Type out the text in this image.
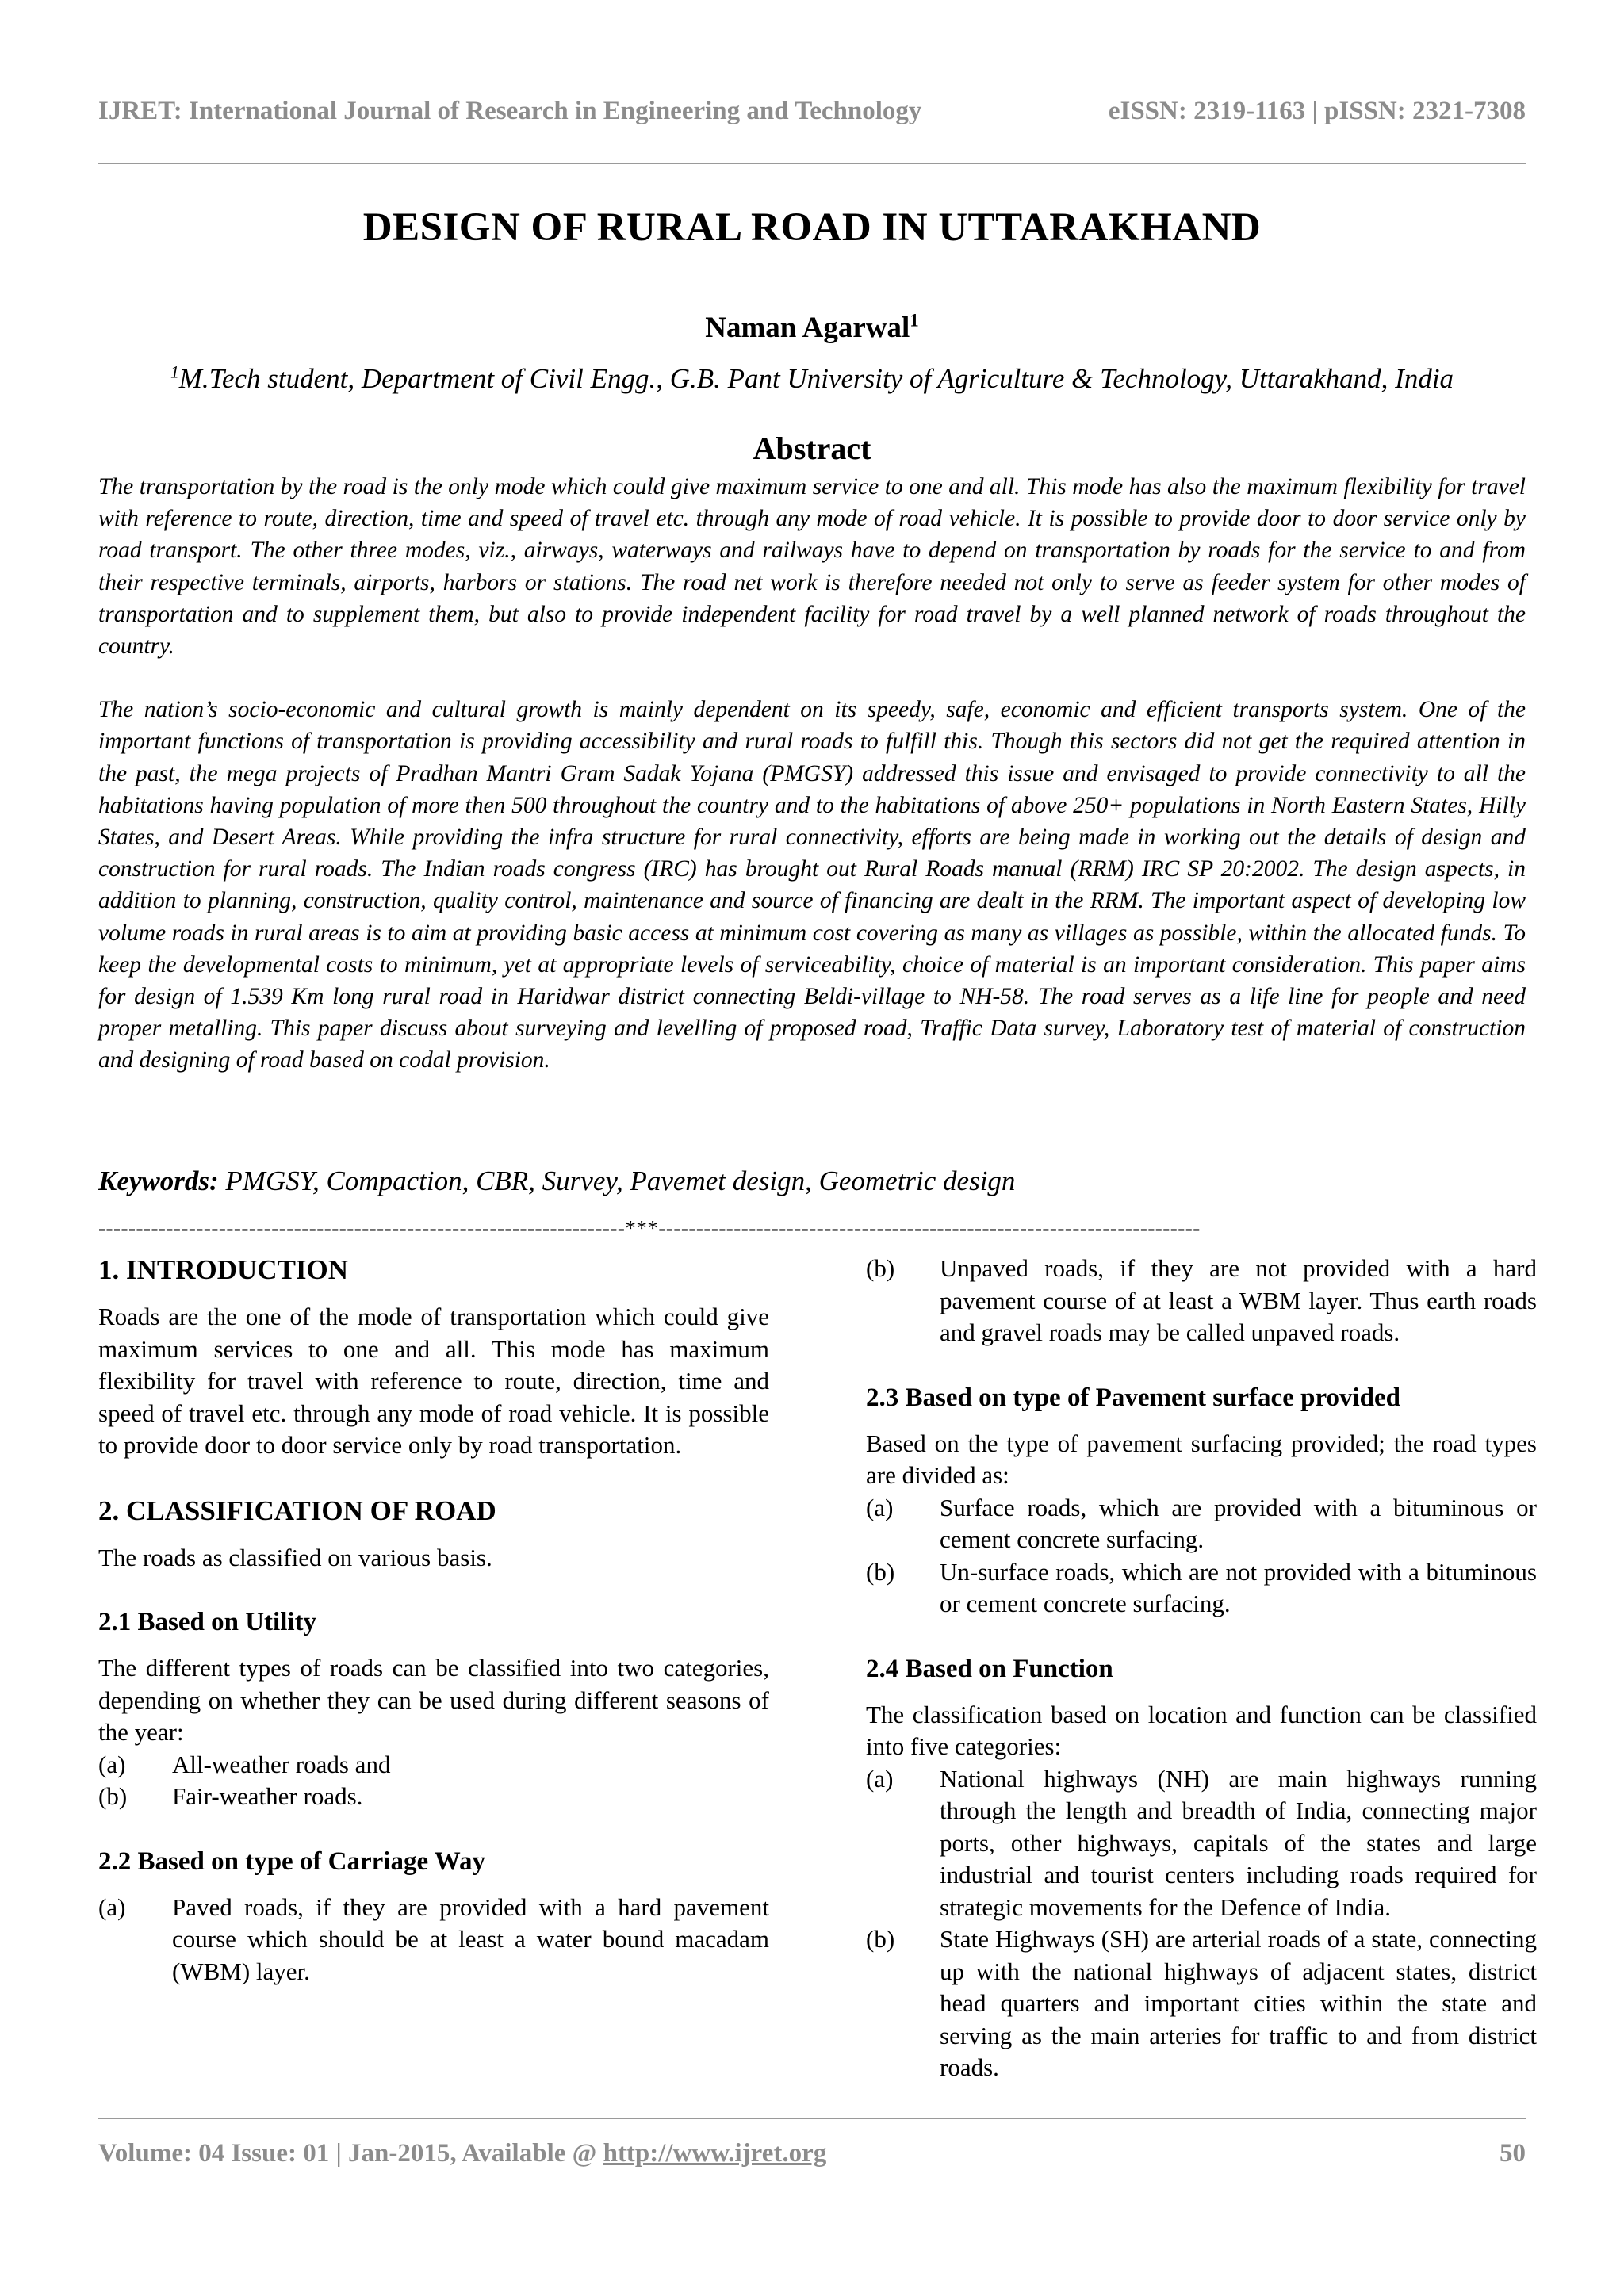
IJRET: International Journal of Research in Engineering and Technology	eISSN: 2319-1163 | pISSN: 2321-7308
DESIGN OF RURAL ROAD IN UTTARAKHAND
Naman Agarwal$^1$
$^1$M.Tech student, Department of Civil Engg., G.B. Pant University of Agriculture & Technology, Uttarakhand, India
Abstract

The transportation by the road is the only mode which could give maximum service to one and all. This mode has also the maximum flexibility for travel with reference to route, direction, time and speed of travel etc. through any mode of road vehicle. It is possible to provide door to door service only by road transport. The other three modes, viz., airways, waterways and railways have to depend on transportation by roads for the service to and from their respective terminals, airports, harbors or stations. The road net work is therefore needed not only to serve as feeder system for other modes of transportation and to supplement them, but also to provide independent facility for road travel by a well planned network of roads throughout the country.

The nation’s socio-economic and cultural growth is mainly dependent on its speedy, safe, economic and efficient transports system. One of the important functions of transportation is providing accessibility and rural roads to fulfill this. Though this sectors did not get the required attention in the past, the mega projects of Pradhan Mantri Gram Sadak Yojana (PMGSY) addressed this issue and envisaged to provide connectivity to all the habitations having population of more then 500 throughout the country and to the habitations of above 250+ populations in North Eastern States, Hilly States, and Desert Areas. While providing the infra structure for rural connectivity, efforts are being made in working out the details of design and construction for rural roads. The Indian roads congress (IRC) has brought out Rural Roads manual (RRM) IRC SP 20:2002. The design aspects, in addition to planning, construction, quality control, maintenance and source of financing are dealt in the RRM. The important aspect of developing low volume roads in rural areas is to aim at providing basic access at minimum cost covering as many as villages as possible, within the allocated funds. To keep the developmental costs to minimum, yet at appropriate levels of serviceability, choice of material is an important consideration. This paper aims for design of 1.539 Km long rural road in Haridwar district connecting Beldi-village to NH-58. The road serves as a life line for people and need proper metalling. This paper discuss about surveying and levelling of proposed road, Traffic Data survey, Laboratory test of material of construction and designing of road based on codal provision.

Keywords: PMGSY, Compaction, CBR, Survey, Pavemet design, Geometric design
----------------------------------------------------------------------***------------------------------------------------------------------------
1. INTRODUCTION

Roads are the one of the mode of transportation which could give maximum services to one and all. This mode has maximum flexibility for travel with reference to route, direction, time and speed of travel etc. through any mode of road vehicle. It is possible to provide door to door service only by road transportation.

2. CLASSIFICATION OF ROAD

The roads as classified on various basis.

2.1 Based on Utility

The different types of roads can be classified into two categories, depending on whether they can be used during different seasons of the year:

(a)	All-weather roads and
(b)	Fair-weather roads.
2.2 Based on type of Carriage Way
(a)	Paved roads, if they are provided with a hard pavement course which should be at least a water bound macadam (WBM) layer.
(b)	Unpaved roads, if they are not provided with a hard pavement course of at least a WBM layer. Thus earth roads and gravel roads may be called unpaved roads.
2.3 Based on type of Pavement surface provided

Based on the type of pavement surfacing provided; the road types are divided as:

(a)	Surface roads, which are provided with a bituminous or cement concrete surfacing.
(b)	Un-surface roads, which are not provided with a bituminous or cement concrete surfacing.
2.4 Based on Function

The classification based on location and function can be classified into five categories:

(a)	National highways (NH) are main highways running through the length and breadth of India, connecting major ports, other highways, capitals of the states and large industrial and tourist centers including roads required for strategic movements for the Defence of India.
(b)	State Highways (SH) are arterial roads of a state, connecting up with the national highways of adjacent states, district head quarters and important cities within the state and serving as the main arteries for traffic to and from district roads.
Volume: 04 Issue: 01 | Jan-2015, Available @ http://www.ijret.org	50
